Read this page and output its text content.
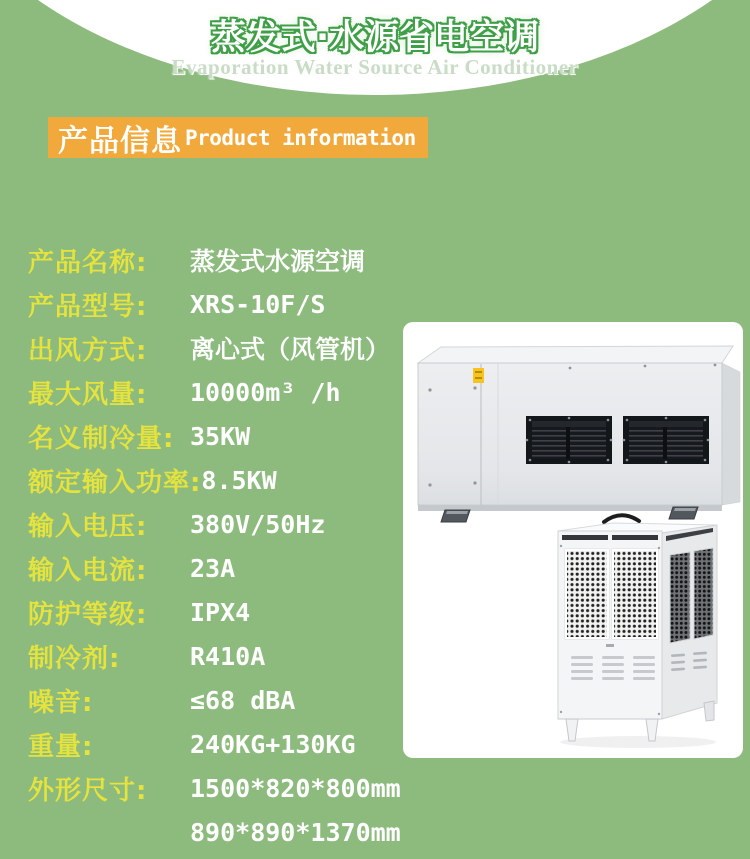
蒸发式·水源省电空调
Evaporation Water Source Air Conditioner
产品信息 Product information
产品名称:	蒸发式水源空调
产品型号:	XRS-10F/S
出风方式:	离心式（风管机）
最大风量:	10000m³ /h
名义制冷量: 35KW
额定输入功率: 8.5KW
输入电压:	380V/50Hz
输入电流:	23A
防护等级:	IPX4
制冷剂:	R410A
噪音:	≤68 dBA
重量:	240KG+130KG
外形尺寸:	1500*820*800mm
890*890*1370mm
